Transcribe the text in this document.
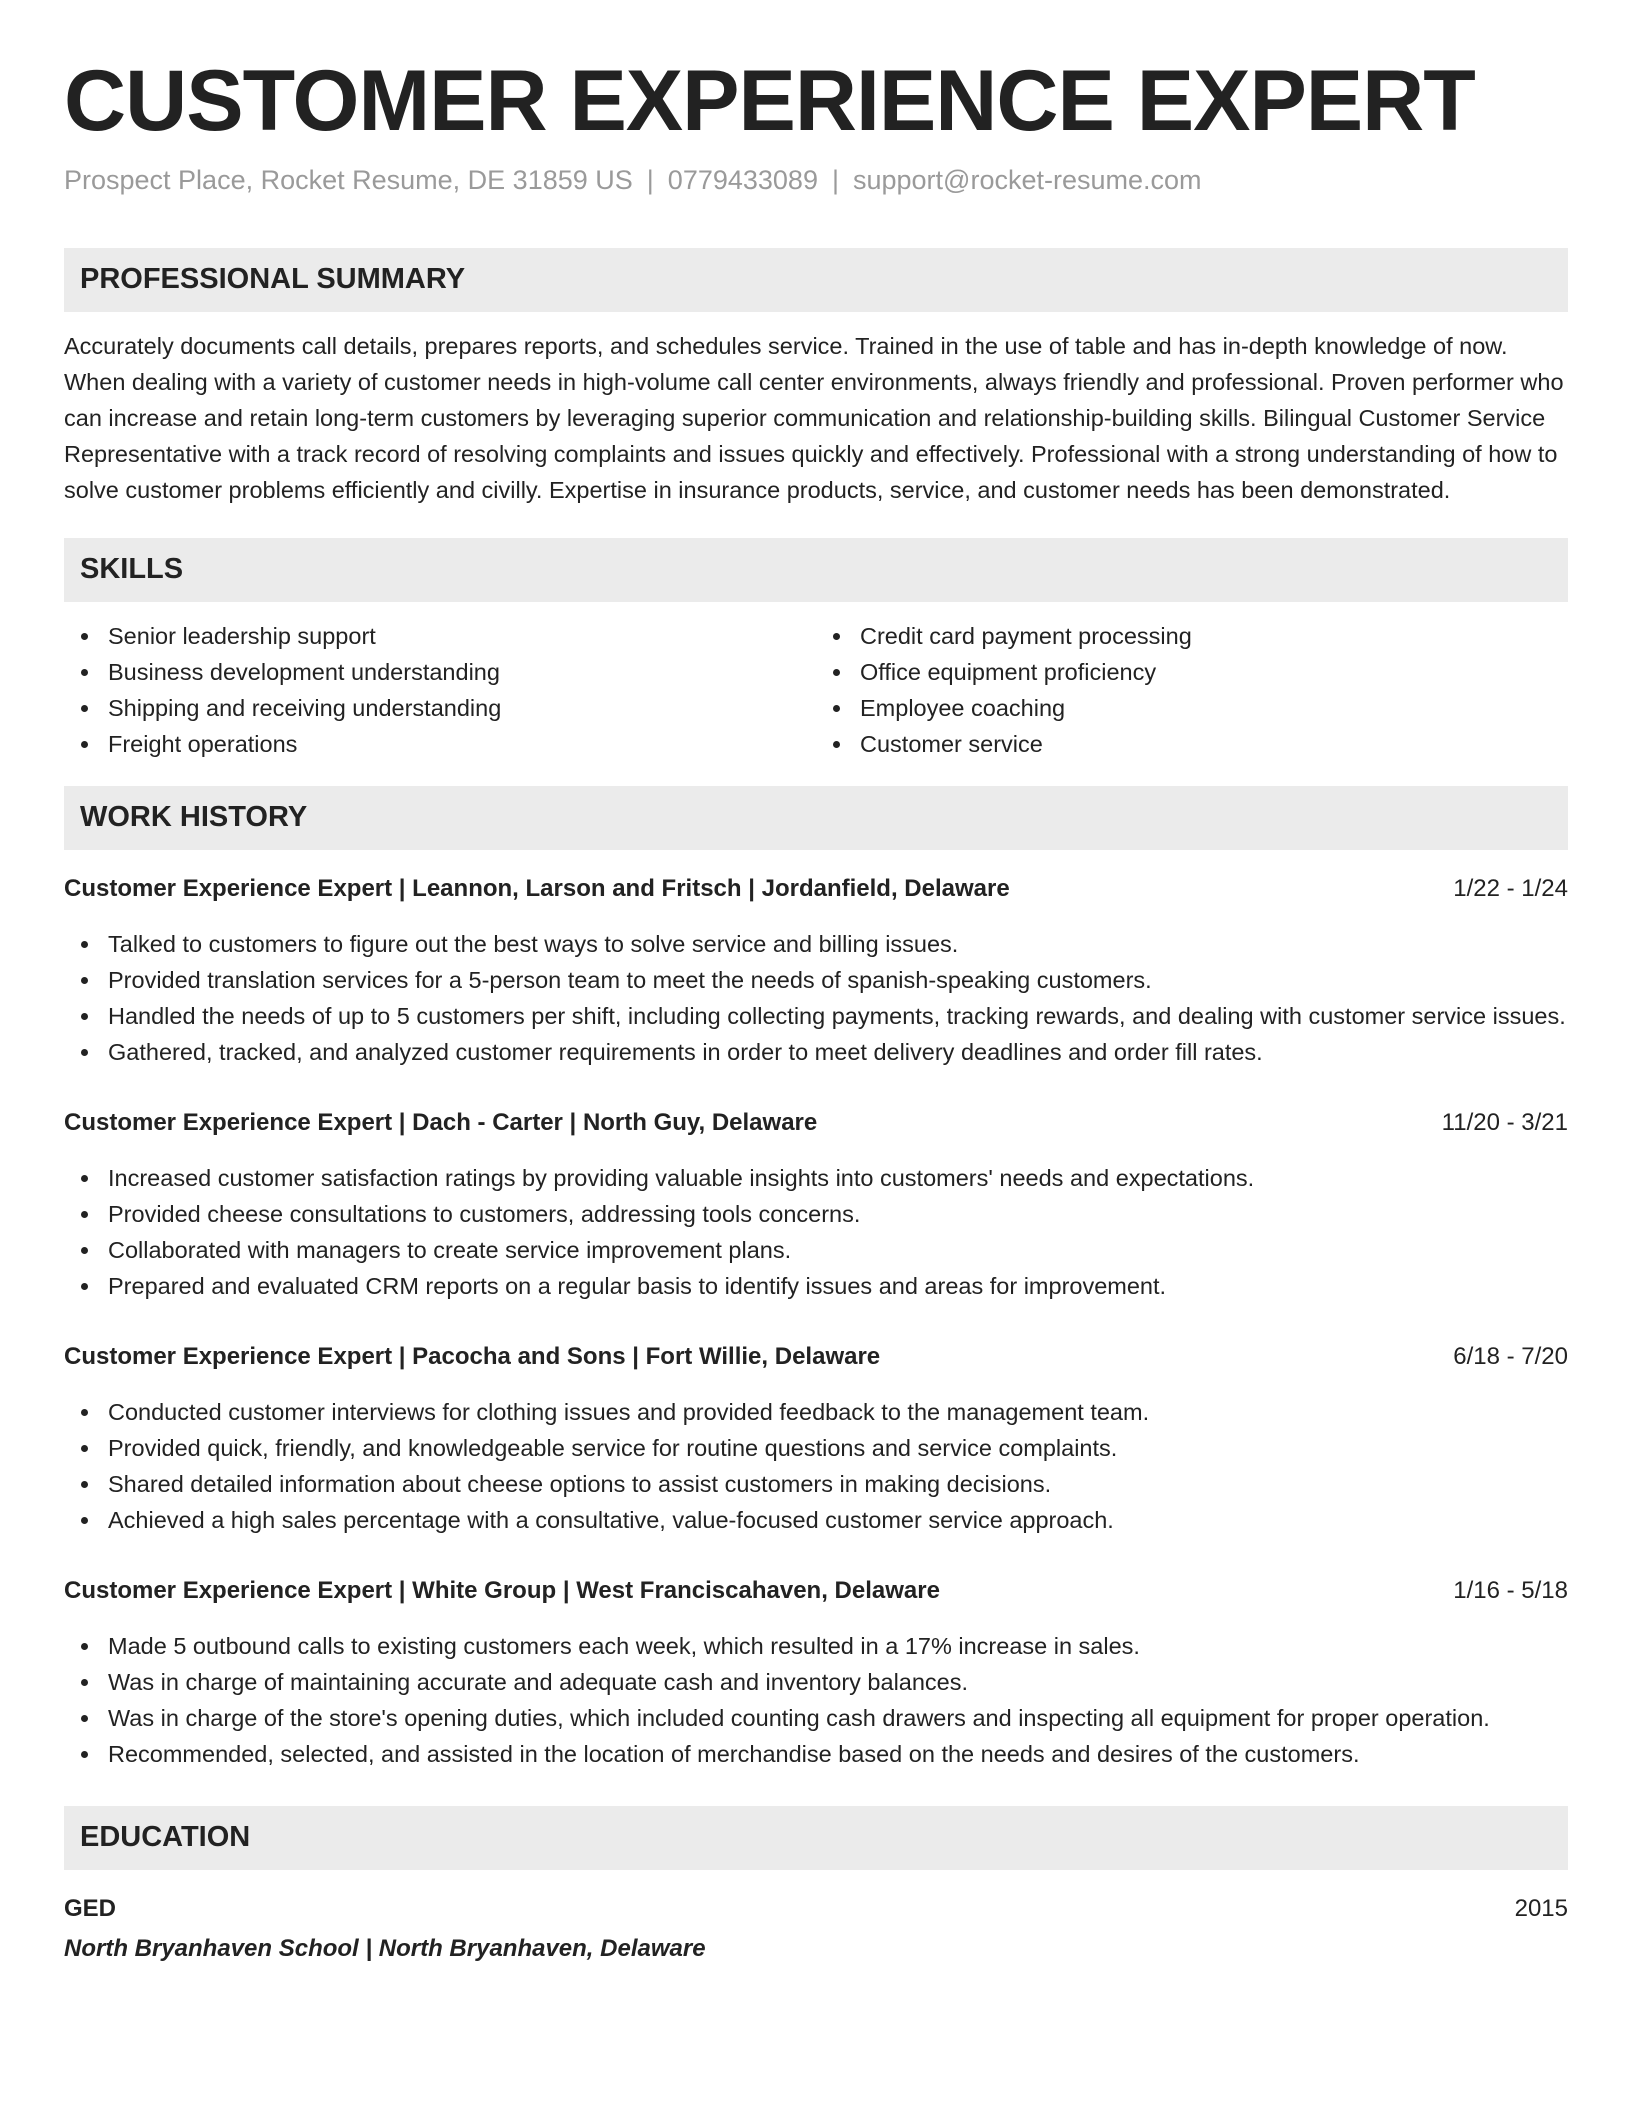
CUSTOMER EXPERIENCE EXPERT
Prospect Place, Rocket Resume, DE 31859 US | 0779433089 | support@rocket-resume.com
PROFESSIONAL SUMMARY

Accurately documents call details, prepares reports, and schedules service. Trained in the use of table and has in-depth knowledge of now. When dealing with a variety of customer needs in high-volume call center environments, always friendly and professional. Proven performer who can increase and retain long-term customers by leveraging superior communication and relationship-building skills. Bilingual Customer Service Representative with a track record of resolving complaints and issues quickly and effectively. Professional with a strong understanding of how to solve customer problems efficiently and civilly. Expertise in insurance products, service, and customer needs has been demonstrated.

SKILLS
Senior leadership support
Business development understanding
Shipping and receiving understanding
Freight operations
Credit card payment processing
Office equipment proficiency
Employee coaching
Customer service
WORK HISTORY
Customer Experience Expert | Leannon, Larson and Fritsch | Jordanfield, Delaware	1/22 - 1/24
Talked to customers to figure out the best ways to solve service and billing issues.
Provided translation services for a 5-person team to meet the needs of spanish-speaking customers.
Handled the needs of up to 5 customers per shift, including collecting payments, tracking rewards, and dealing with customer service issues.
Gathered, tracked, and analyzed customer requirements in order to meet delivery deadlines and order fill rates.
Customer Experience Expert | Dach - Carter | North Guy, Delaware	11/20 - 3/21
Increased customer satisfaction ratings by providing valuable insights into customers' needs and expectations.
Provided cheese consultations to customers, addressing tools concerns.
Collaborated with managers to create service improvement plans.
Prepared and evaluated CRM reports on a regular basis to identify issues and areas for improvement.
Customer Experience Expert | Pacocha and Sons | Fort Willie, Delaware	6/18 - 7/20
Conducted customer interviews for clothing issues and provided feedback to the management team.
Provided quick, friendly, and knowledgeable service for routine questions and service complaints.
Shared detailed information about cheese options to assist customers in making decisions.
Achieved a high sales percentage with a consultative, value-focused customer service approach.
Customer Experience Expert | White Group | West Franciscahaven, Delaware	1/16 - 5/18
Made 5 outbound calls to existing customers each week, which resulted in a 17% increase in sales.
Was in charge of maintaining accurate and adequate cash and inventory balances.
Was in charge of the store's opening duties, which included counting cash drawers and inspecting all equipment for proper operation.
Recommended, selected, and assisted in the location of merchandise based on the needs and desires of the customers.
EDUCATION
GED	2015
North Bryanhaven School | North Bryanhaven, Delaware
